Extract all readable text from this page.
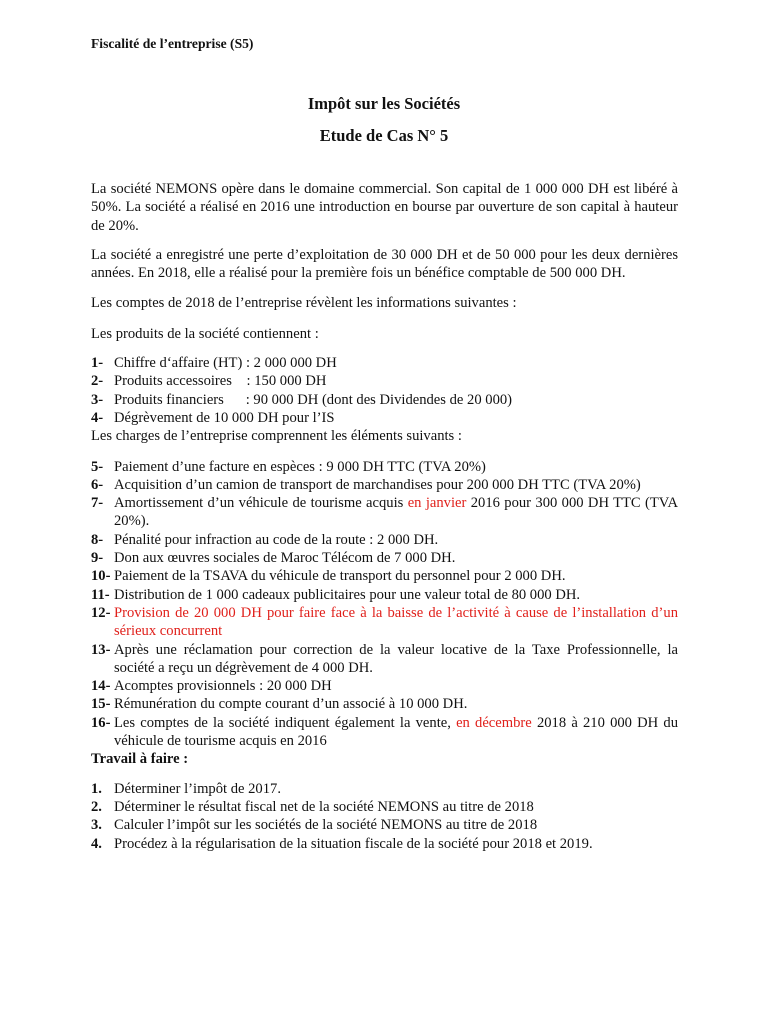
Fiscalité de l’entreprise (S5)
Impôt sur les Sociétés
Etude de Cas N° 5

La société NEMONS opère dans le domaine commercial. Son capital de 1 000 000 DH est libéré à 50%. La société a réalisé en 2016 une introduction en bourse par ouverture de son capital à hauteur de 20%.

La société a enregistré une perte d’exploitation de 30 000 DH et de 50 000 pour les deux dernières années. En 2018, elle a réalisé pour la première fois un bénéfice comptable de 500 000 DH.

Les comptes de 2018 de l’entreprise révèlent les informations suivantes :

Les produits de la société contiennent :

1- Chiffre d‘affaire (HT) : 2 000 000 DH
2- Produits accessoires    : 150 000 DH
3- Produits financiers      : 90 000 DH (dont des Dividendes de 20 000)
4- Dégrèvement de 10 000 DH pour l’IS

Les charges de l’entreprise comprennent les éléments suivants :

5- Paiement d’une facture en espèces : 9 000 DH TTC (TVA 20%)
6- Acquisition d’un camion de transport de marchandises pour 200 000 DH TTC (TVA 20%)
7- Amortissement d’un véhicule de tourisme acquis en janvier 2016 pour 300 000 DH TTC (TVA 20%).
8- Pénalité pour infraction au code de la route : 2 000 DH.
9- Don aux œuvres sociales de Maroc Télécom de 7 000 DH.
10- Paiement de la TSAVA du véhicule de transport du personnel pour 2 000 DH.
11- Distribution de 1 000 cadeaux publicitaires pour une valeur total de 80 000 DH.
12- Provision de 20 000 DH pour faire face à la baisse de l’activité à cause de l’installation d’un sérieux concurrent
13- Après une réclamation pour correction de la valeur locative de la Taxe Professionnelle, la société a reçu un dégrèvement de 4 000 DH.
14- Acomptes provisionnels : 20 000 DH
15- Rémunération du compte courant d’un associé à 10 000 DH.
16- Les comptes de la société indiquent également la vente, en décembre 2018 à 210 000 DH du véhicule de tourisme acquis en 2016

Travail à faire :

1. Déterminer l’impôt de 2017.
2. Déterminer le résultat fiscal net de la société NEMONS au titre de 2018
3. Calculer l’impôt sur les sociétés de la société NEMONS au titre de 2018
4. Procédez à la régularisation de la situation fiscale de la société pour 2018 et 2019.
